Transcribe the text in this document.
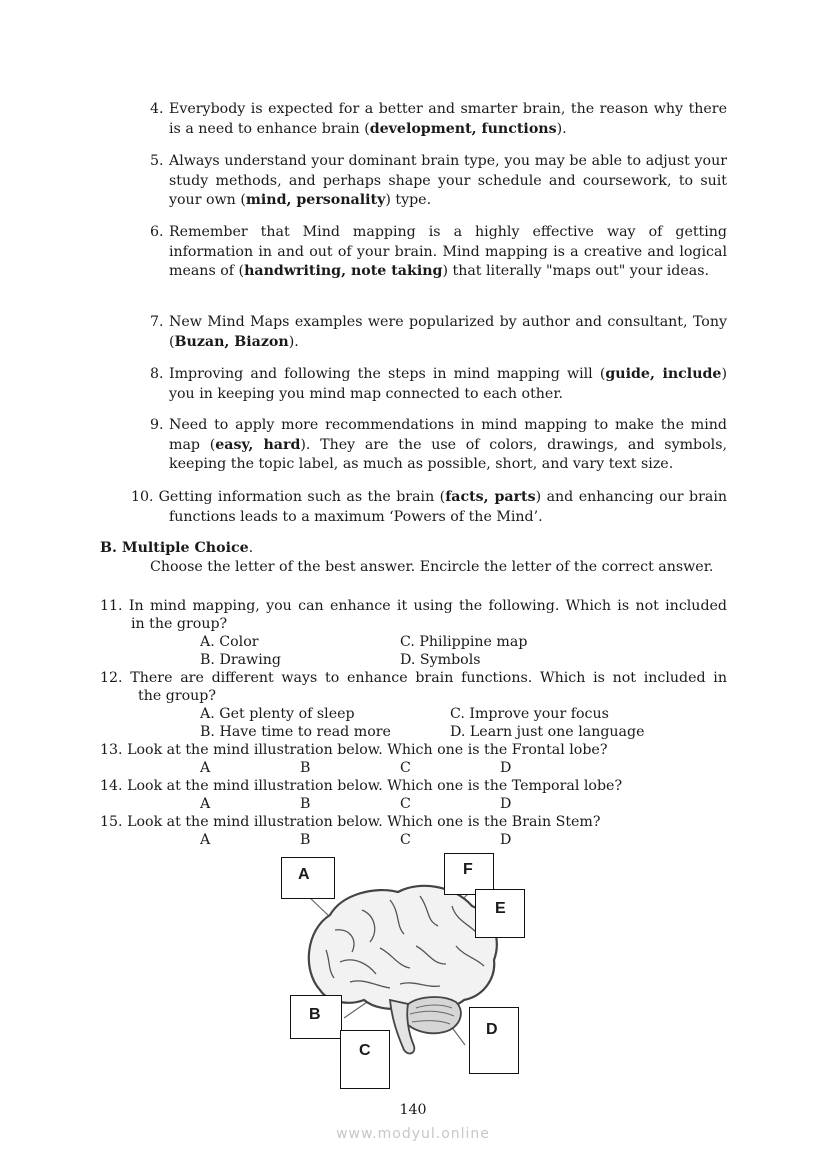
4. Everybody is expected for a better and smarter brain, the reason why there is a need to enhance brain (development, functions).
5. Always understand your dominant brain type, you may be able to adjust your study methods, and perhaps shape your schedule and coursework, to suit your own (mind, personality) type.
6. Remember that Mind mapping is a highly effective way of getting information in and out of your brain. Mind mapping is a creative and logical means of (handwriting, note taking) that literally "maps out" your ideas.
7. New Mind Maps examples were popularized by author and consultant, Tony (Buzan, Biazon).
8. Improving and following the steps in mind mapping will (guide, include) you in keeping you mind map connected to each other.
9. Need to apply more recommendations in mind mapping to make the mind map (easy, hard). They are the use of colors, drawings, and symbols, keeping the topic label, as much as possible, short, and vary text size.
10. Getting information such as the brain (facts, parts) and enhancing our brain functions leads to a maximum ‘Powers of the Mind’.
B. Multiple Choice.
Choose the letter of the best answer. Encircle the letter of the correct answer.
11. In mind mapping, you can enhance it using the following. Which is not included
in the group?
A. Color	C. Philippine map
B. Drawing	D. Symbols
12. There are different ways to enhance brain functions. Which is not included in
the group?
A. Get plenty of sleep	C. Improve your focus
B. Have time to read more	D. Learn just one language
13. Look at the mind illustration below. Which one is the Frontal lobe?
A	B	C	D
14. Look at the mind illustration below. Which one is the Temporal lobe?
A	B	C	D
15. Look at the mind illustration below. Which one is the Brain Stem?
A	B	C	D
A	F
E
B
C
D
140
www.modyul.online
